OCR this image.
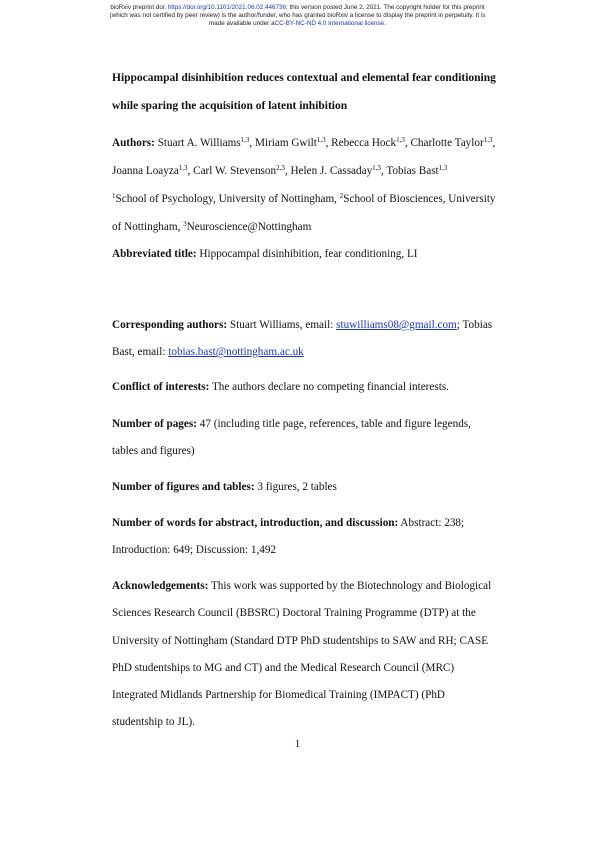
bioRxiv preprint doi: https://doi.org/10.1101/2021.06.02.446736; this version posted June 2, 2021. The copyright holder for this preprint
(which was not certified by peer review) is the author/funder, who has granted bioRxiv a license to display the preprint in perpetuity. It is
made available under aCC-BY-NC-ND 4.0 International license.
Hippocampal disinhibition reduces contextual and elemental fear conditioning
while sparing the acquisition of latent inhibition
Authors: Stuart A. Williams$^{1,3}$, Miriam Gwilt$^{1,3}$, Rebecca Hock$^{1,3}$, Charlotte Taylor$^{1,3}$,
Joanna Loayza$^{1,3}$, Carl W. Stevenson$^{2,3}$, Helen J. Cassaday$^{1,3}$, Tobias Bast$^{1,3}$
$^1$School of Psychology, University of Nottingham, $^2$School of Biosciences, University
of Nottingham, $^3$Neuroscience@Nottingham
Abbreviated title: Hippocampal disinhibition, fear conditioning, LI
Corresponding authors: Stuart Williams, email: stuwilliams08@gmail.com; Tobias
Bast, email: tobias.bast@nottingham.ac.uk
Conflict of interests: The authors declare no competing financial interests.
Number of pages: 47 (including title page, references, table and figure legends,
tables and figures)
Number of figures and tables: 3 figures, 2 tables
Number of words for abstract, introduction, and discussion: Abstract: 238;
Introduction: 649; Discussion: 1,492
Acknowledgements: This work was supported by the Biotechnology and Biological
Sciences Research Council (BBSRC) Doctoral Training Programme (DTP) at the
University of Nottingham (Standard DTP PhD studentships to SAW and RH; CASE
PhD studentships to MG and CT) and the Medical Research Council (MRC)
Integrated Midlands Partnership for Biomedical Training (IMPACT) (PhD
studentship to JL).
1
